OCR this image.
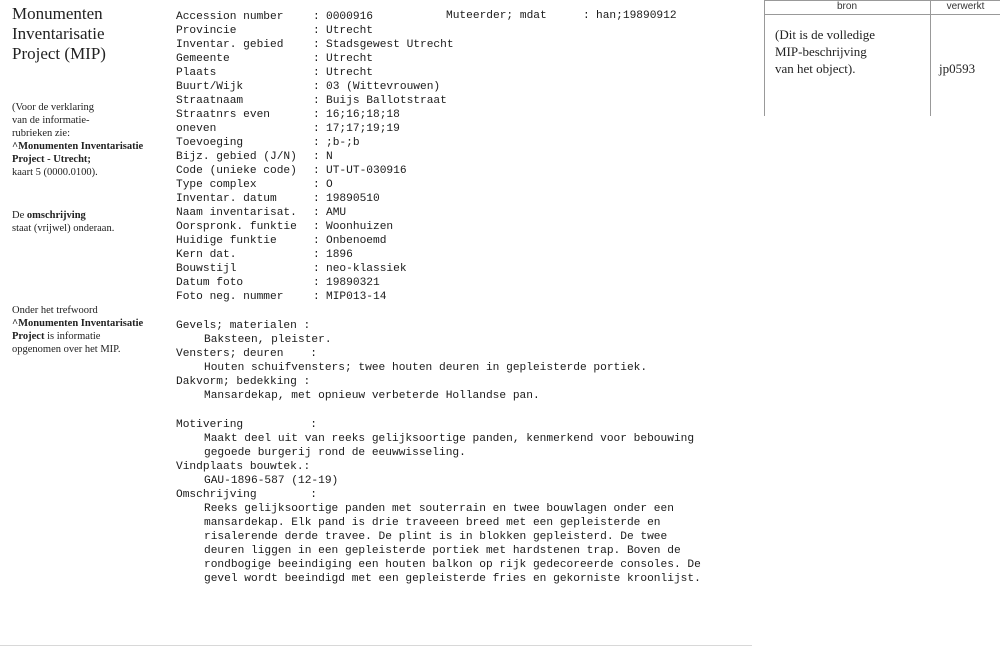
Monumenten
Inventarisatie
Project (MIP)
(Voor de verklaring
van de informatie-
rubrieken zie:
^Monumenten Inventarisatie
Project - Utrecht;
kaart 5 (0000.0100).
De omschrijving
staat (vrijwel) onderaan.
Onder het trefwoord
^Monumenten Inventarisatie
Project is informatie
opgenomen over het MIP.
Accession number	: 0000916
Provincie	: Utrecht
Inventar. gebied	: Stadsgewest Utrecht
Gemeente	: Utrecht
Plaats	: Utrecht
Buurt/Wijk	: 03 (Wittevrouwen)
Straatnaam	: Buijs Ballotstraat
Straatnrs even	: 16;16;18;18
oneven	: 17;17;19;19
Toevoeging	: ;b-;b
Bijz. gebied (J/N) : N
Code (unieke code) : UT-UT-030916
Type complex	: O
Inventar. datum	: 19890510
Naam inventarisat. : AMU
Oorspronk. funktie : Woonhuizen
Huidige funktie	: Onbenoemd
Kern dat.	: 1896
Bouwstijl	: neo-klassiek
Datum foto	: 19890321
Foto neg. nummer	: MIP013-14
Muteerder; mdat	: han;19890912
Gevels; materialen :
Baksteen, pleister.
Vensters; deuren    :
Houten schuifvensters; twee houten deuren in gepleisterde portiek.
Dakvorm; bedekking :
Mansardekap, met opnieuw verbeterde Hollandse pan.
Motivering          :
Maakt deel uit van reeks gelijksoortige panden, kenmerkend voor bebouwing
gegoede burgerij rond de eeuwwisseling.
Vindplaats bouwtek.:
GAU-1896-587 (12-19)
Omschrijving        :
Reeks gelijksoortige panden met souterrain en twee bouwlagen onder een
mansardekap. Elk pand is drie traveeen breed met een gepleisterde en
risalerende derde travee. De plint is in blokken gepleisterd. De twee
deuren liggen in een gepleisterde portiek met hardstenen trap. Boven de
rondbogige beeindiging een houten balkon op rijk gedecoreerde consoles. De
gevel wordt beeindigd met een gepleisterde fries en gekorniste kroonlijst.
bron	verwerkt
(Dit is de volledige
MIP-beschrijving
van het object).	jp0593
